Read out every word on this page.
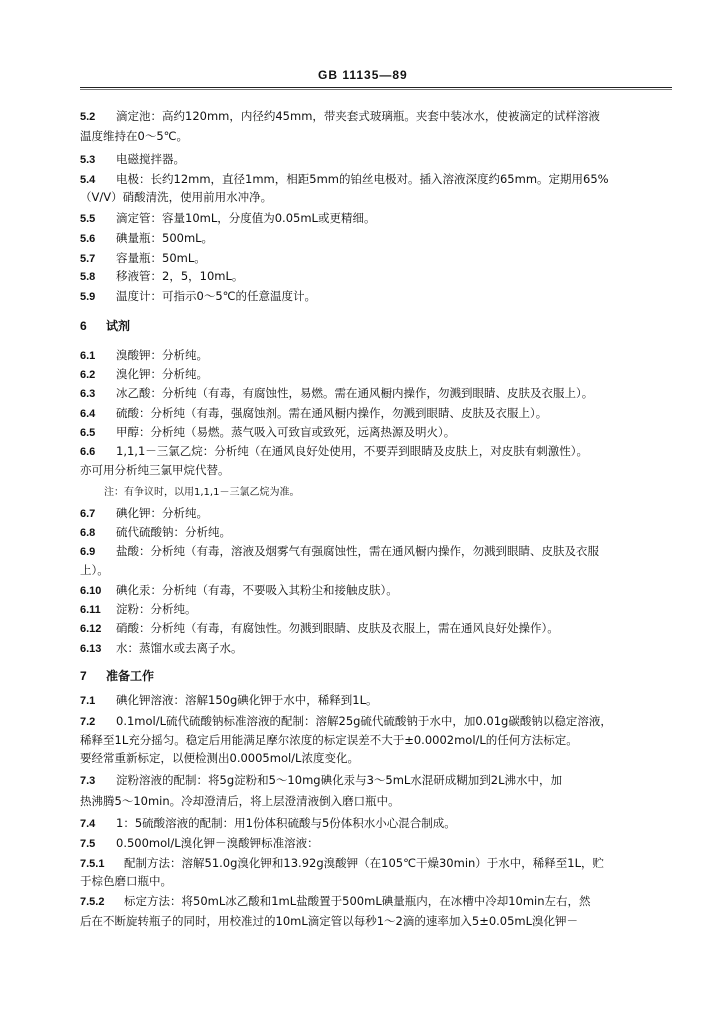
GB 11135—89
5.2 滴定池：高约120mm，内径约45mm，带夹套式玻璃瓶。夹套中装冰水，使被滴定的试样溶液
温度维持在0～5℃。
5.3 电磁搅拌器。
5.4 电极：长约12mm，直径1mm，相距5mm的铂丝电极对。插入溶液深度约65mm。定期用65%
（V/V）硝酸清洗，使用前用水冲净。
5.5 滴定管：容量10mL，分度值为0.05mL或更精细。
5.6 碘量瓶：500mL。
5.7 容量瓶：50mL。
5.8 移液管：2，5，10mL。
5.9 温度计：可指示0～5℃的任意温度计。
6 试剂
6.1 溴酸钾：分析纯。
6.2 溴化钾：分析纯。
6.3 冰乙酸：分析纯（有毒，有腐蚀性，易燃。需在通风橱内操作，勿溅到眼睛、皮肤及衣服上）。
6.4 硫酸：分析纯（有毒，强腐蚀剂。需在通风橱内操作，勿溅到眼睛、皮肤及衣服上）。
6.5 甲醇：分析纯（易燃。蒸气吸入可致盲或致死，远离热源及明火）。
6.6 1,1,1－三氯乙烷：分析纯（在通风良好处使用，不要弄到眼睛及皮肤上，对皮肤有刺激性）。
亦可用分析纯三氯甲烷代替。
注：有争议时，以用1,1,1－三氯乙烷为准。
6.7 碘化钾：分析纯。
6.8 硫代硫酸钠：分析纯。
6.9 盐酸：分析纯（有毒，溶液及烟雾气有强腐蚀性，需在通风橱内操作，勿溅到眼睛、皮肤及衣服
上）。
6.10 碘化汞：分析纯（有毒，不要吸入其粉尘和接触皮肤）。
6.11 淀粉：分析纯。
6.12 硝酸：分析纯（有毒，有腐蚀性。勿溅到眼睛、皮肤及衣服上，需在通风良好处操作）。
6.13 水：蒸馏水或去离子水。
7 准备工作
7.1 碘化钾溶液：溶解150g碘化钾于水中，稀释到1L。
7.2 0.1mol/L硫代硫酸钠标准溶液的配制：溶解25g硫代硫酸钠于水中，加0.01g碳酸钠以稳定溶液，
稀释至1L充分摇匀。稳定后用能满足摩尔浓度的标定误差不大于±0.0002mol/L的任何方法标定。
要经常重新标定，以便检测出0.0005mol/L浓度变化。
7.3 淀粉溶液的配制：将5g淀粉和5～10mg碘化汞与3～5mL水混研成糊加到2L沸水中，加
热沸腾5～10min。冷却澄清后，将上层澄清液倒入磨口瓶中。
7.4 1：5硫酸溶液的配制：用1份体积硫酸与5份体积水小心混合制成。
7.5 0.500mol/L溴化钾－溴酸钾标准溶液：
7.5.1 配制方法：溶解51.0g溴化钾和13.92g溴酸钾（在105℃干燥30min）于水中，稀释至1L，贮
于棕色磨口瓶中。
7.5.2 标定方法：将50mL冰乙酸和1mL盐酸置于500mL碘量瓶内，在冰槽中冷却10min左右，然
后在不断旋转瓶子的同时，用校准过的10mL滴定管以每秒1～2滴的速率加入5±0.05mL溴化钾－
